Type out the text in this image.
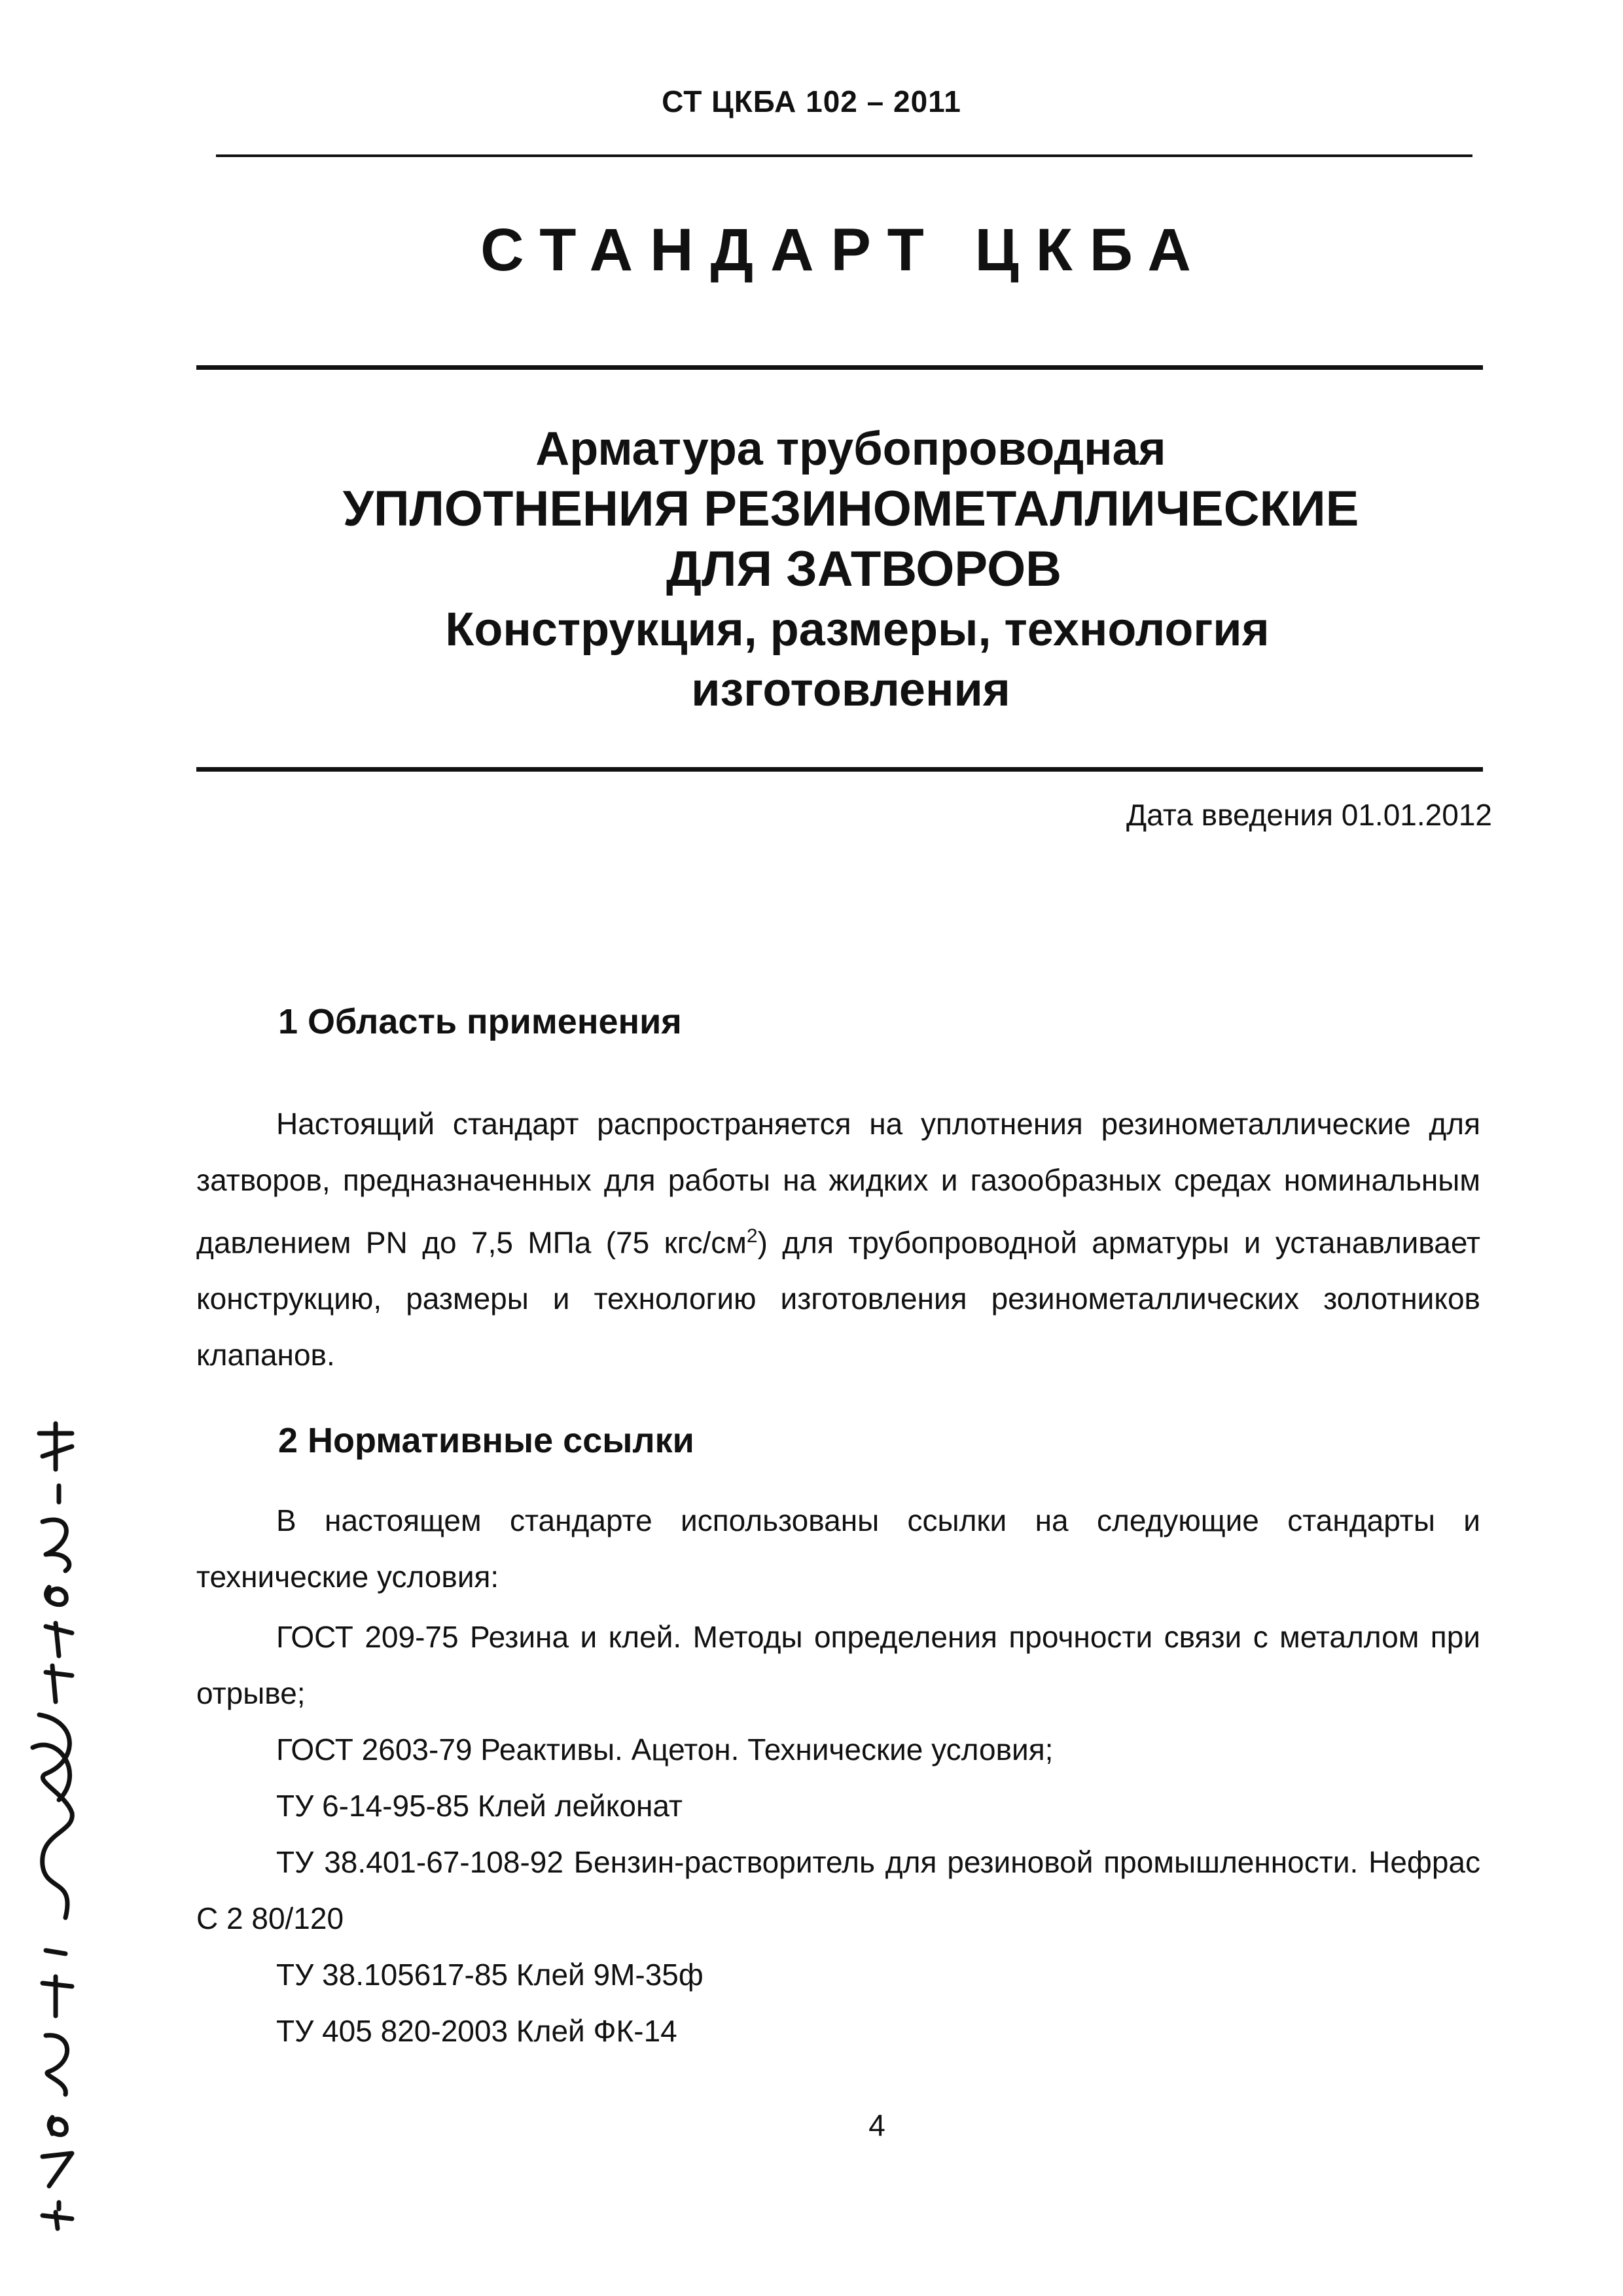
СТ ЦКБА 102 – 2011
СТАНДАРТ ЦКБА
Арматура трубопроводная
УПЛОТНЕНИЯ РЕЗИНОМЕТАЛЛИЧЕСКИЕ
ДЛЯ ЗАТВОРОВ
Конструкция, размеры, технология
изготовления
Дата введения 01.01.2012
1 Область применения
Настоящий стандарт распространяется на уплотнения резинометаллические для затворов, предназначенных для работы на жидких и газообразных средах номинальным давлением PN до 7,5 МПа (75 кгс/$см^2$) для трубопроводной арматуры и устанавливает конструкцию, размеры и технологию изготовления резинометаллических золотников клапанов.
2 Нормативные ссылки
В настоящем стандарте использованы ссылки на следующие стандарты и технические условия:
ГОСТ 209-75 Резина и клей. Методы определения прочности связи с металлом при отрыве;
ГОСТ 2603-79 Реактивы. Ацетон. Технические условия;
ТУ 6-14-95-85 Клей лейконат
ТУ 38.401-67-108-92 Бензин-растворитель для резиновой промышленности. Нефрас С 2 80/120
ТУ 38.105617-85 Клей 9М-35ф
ТУ 405 820-2003 Клей ФК-14
4
